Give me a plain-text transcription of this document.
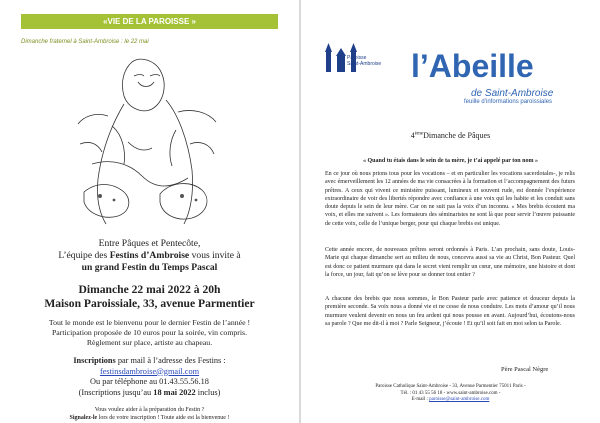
«VIE DE LA PAROISSE »
Dimanche fraternel à Saint-Ambroise : le 22 mai
Entre Pâques et Pentecôte,
L’équipe des Festins d’Ambroise vous invite à
un grand Festin du Temps Pascal
Dimanche 22 mai 2022 à 20h
Maison Paroissiale, 33, avenue Parmentier
Tout le monde est le bienvenu pour le dernier Festin de l’année !
Participation proposée de 10 euros pour la soirée, vin compris.
Règlement sur place, artiste au chapeau.
Inscriptions par mail à l’adresse des Festins :
festinsdambroise@gmail.com
Ou par téléphone au 01.43.55.56.18
(Inscriptions jusqu’au 18 mai 2022 inclus)
Vous voulez aider à la préparation du Festin ?
Signalez-le lors de votre inscription ! Toute aide est la bienvenue !
Paroisse
Saint-Ambroise l’Abeille
de Saint-Ambroise
feuille d’informations paroissiales
4èmeDimanche de Pâques
« Quand tu étais dans le sein de ta mère, je t’ai appelé par ton nom »
En ce jour où nous prions tous pour les vocations – et en particulier les vocations sacerdotales-, je relis avec émerveillement les 12 années de ma vie consacrées à la formation et l’accompagnement des futurs prêtres. A ceux qui vivent ce ministère puissant, lumineux et souvent rude, est donnée l’expérience extraordinaire de voir des libertés répondre avec confiance à une voix qui les habite et les conduit sans doute depuis le sein de leur mère. Car on ne suit pas la voix d’un inconnu. « Mes brebis écoutent ma voix, et elles me suivent ». Les formateurs des séminaristes ne sont là que pour servir l’œuvre puissante de cette voix, celle de l’unique berger, pour qui chaque brebis est unique.
Cette année encore, de nouveaux prêtres seront ordonnés à Paris. L’an prochain, sans doute, Louis-Marie qui chaque dimanche sert au milieu de nous, concevra aussi sa vie au Christ, Bon Pasteur. Quel est donc ce patient murmure qui dans le secret vient remplir un cœur, une mémoire, une histoire et dont la force, un jour, fait qu’on se lève pour se donner tout entier ?
A chacune des brebis que nous sommes, le Bon Pasteur parle avec patience et douceur depuis la première seconde. Sa voix nous a donné vie et ne cesse de nous conduire. Les mots d’amour qu’il nous murmure veulent devenir en nous un feu ardent qui nous pousse en avant. Aujourd’hui, écoutons-nous sa parole ? Que me dit-il à moi ? Parle Seigneur, j’écoute ! Et qu’il soit fait en moi selon ta Parole.
Père Pascal Nègre
Paroisse Catholique Saint-Ambroise - 33, Avenue Parmentier 75011 Paris -
Tél. : 01 43 55 56 18 - www.saint-ambroise.com -
E-mail : paroisse@saint-ambroise.com
